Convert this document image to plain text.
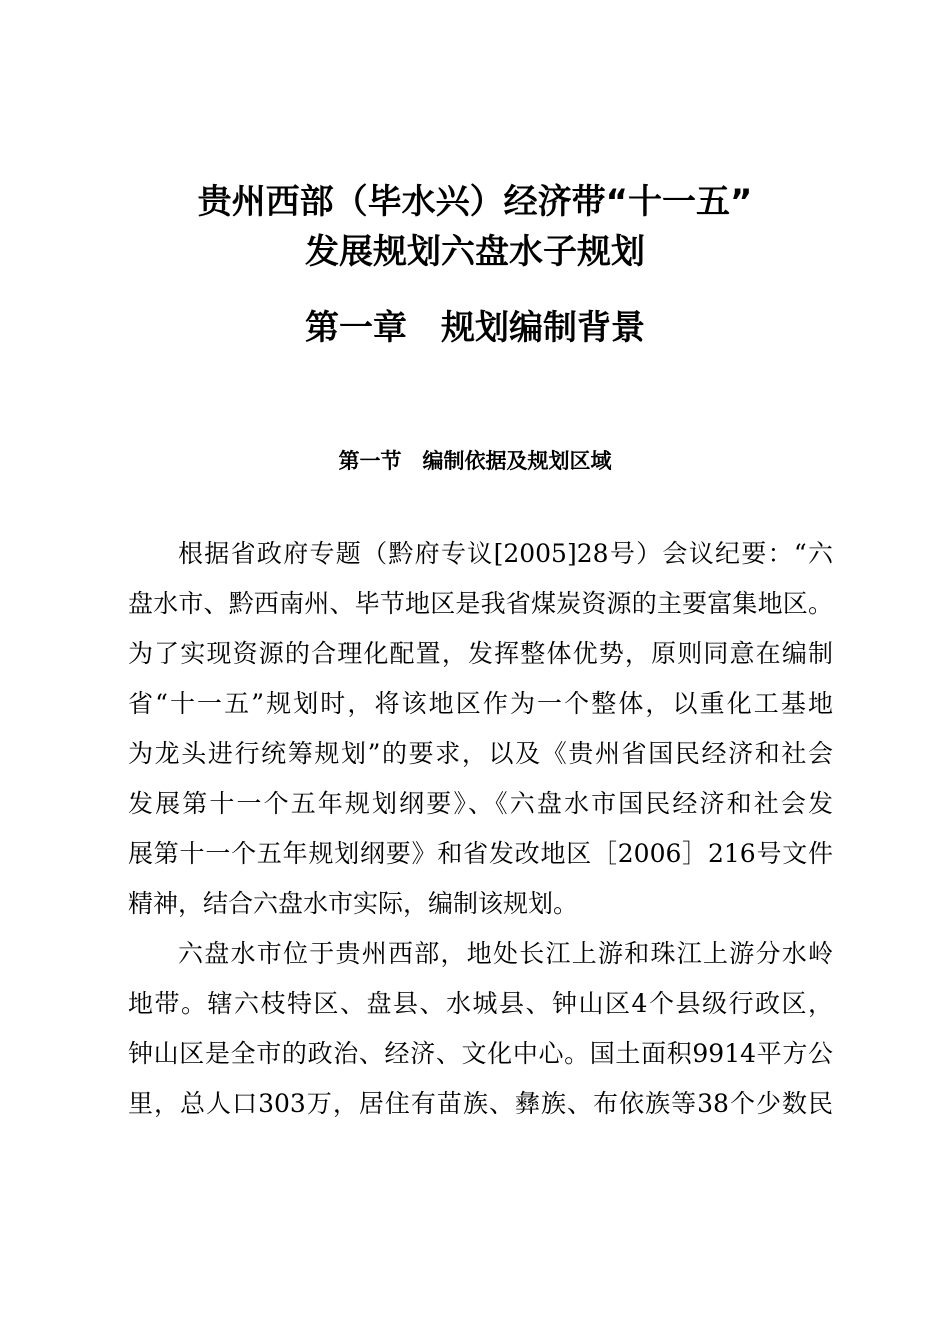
贵州西部（毕水兴）经济带“十一五”
发展规划六盘水子规划
第一章　规划编制背景
第一节　编制依据及规划区域
根据省政府专题（黔府专议[2005]28号）会议纪要：“六
盘水市、黔西南州、毕节地区是我省煤炭资源的主要富集地区。
为了实现资源的合理化配置，发挥整体优势，原则同意在编制
省“十一五”规划时，将该地区作为一个整体，以重化工基地
为龙头进行统筹规划”的要求，以及《贵州省国民经济和社会
发展第十一个五年规划纲要》、《六盘水市国民经济和社会发
展第十一个五年规划纲要》和省发改地区［2006］216号文件
精神，结合六盘水市实际，编制该规划。
六盘水市位于贵州西部，地处长江上游和珠江上游分水岭
地带。辖六枝特区、盘县、水城县、钟山区4个县级行政区，
钟山区是全市的政治、经济、文化中心。国土面积9914平方公
里，总人口303万，居住有苗族、彝族、布依族等38个少数民
